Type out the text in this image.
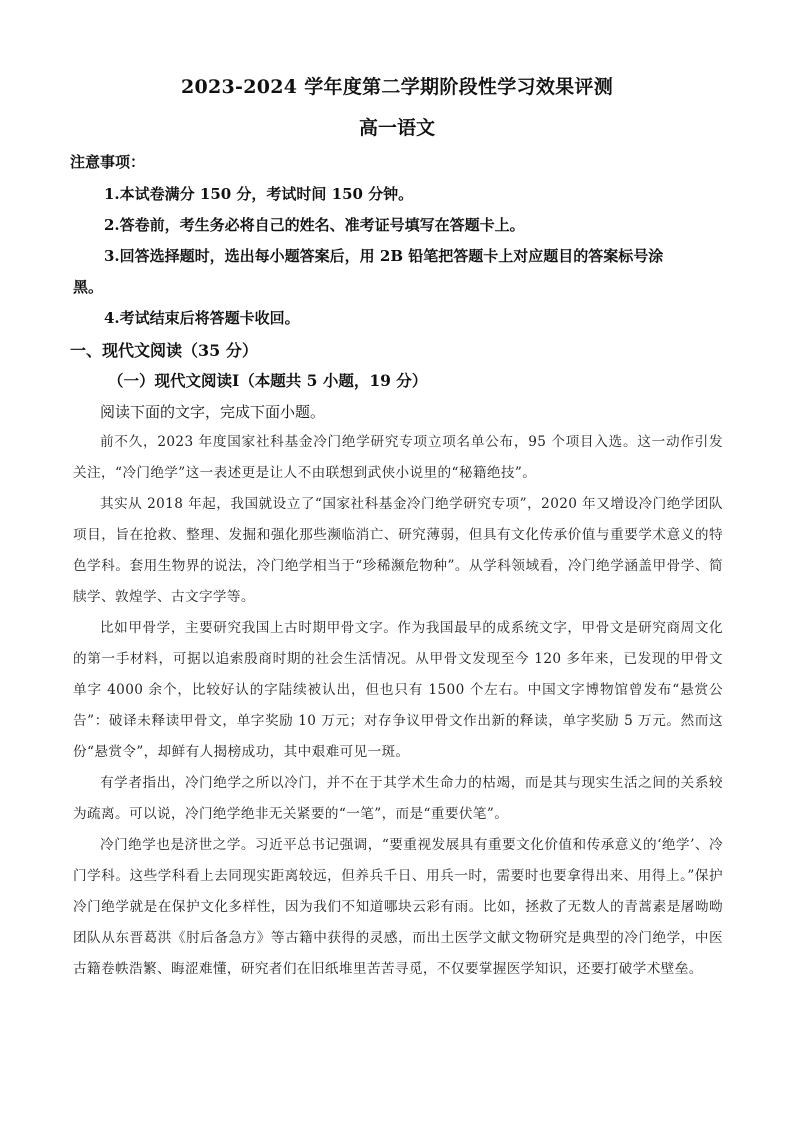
2023-2024 学年度第二学期阶段性学习效果评测
高一语文
注意事项：
1.本试卷满分 150 分，考试时间 150 分钟。
2.答卷前，考生务必将自己的姓名、准考证号填写在答题卡上。
3.回答选择题时，选出每小题答案后，用 2B 铅笔把答题卡上对应题目的答案标号涂
黑。
4.考试结束后将答题卡收回。
一、现代文阅读（35 分）
（一）现代文阅读Ⅰ（本题共 5 小题，19 分）
阅读下面的文字，完成下面小题。
前不久，2023 年度国家社科基金冷门绝学研究专项立项名单公布，95 个项目入选。这一动作引发关注，“冷门绝学”这一表述更是让人不由联想到武侠小说里的“秘籍绝技”。
其实从 2018 年起，我国就设立了“国家社科基金冷门绝学研究专项”，2020 年又增设冷门绝学团队项目，旨在抢救、整理、发掘和强化那些濒临消亡、研究薄弱，但具有文化传承价值与重要学术意义的特色学科。套用生物界的说法，冷门绝学相当于“珍稀濒危物种”。从学科领域看，冷门绝学涵盖甲骨学、简牍学、敦煌学、古文字学等。
比如甲骨学，主要研究我国上古时期甲骨文字。作为我国最早的成系统文字，甲骨文是研究商周文化的第一手材料，可据以追索殷商时期的社会生活情况。从甲骨文发现至今 120 多年来，已发现的甲骨文单字 4000 余个，比较好认的字陆续被认出，但也只有 1500 个左右。中国文字博物馆曾发布“悬赏公告”：破译未释读甲骨文，单字奖励 10 万元；对存争议甲骨文作出新的释读，单字奖励 5 万元。然而这份“悬赏令”，却鲜有人揭榜成功，其中艰难可见一斑。
有学者指出，冷门绝学之所以冷门，并不在于其学术生命力的枯竭，而是其与现实生活之间的关系较为疏离。可以说，冷门绝学绝非无关紧要的“一笔”，而是“重要伏笔”。
冷门绝学也是济世之学。习近平总书记强调，“要重视发展具有重要文化价值和传承意义的‘绝学’、冷门学科。这些学科看上去同现实距离较远，但养兵千日、用兵一时，需要时也要拿得出来、用得上。”保护冷门绝学就是在保护文化多样性，因为我们不知道哪块云彩有雨。比如，拯救了无数人的青蒿素是屠呦呦团队从东晋葛洪《肘后备急方》等古籍中获得的灵感，而出土医学文献文物研究是典型的冷门绝学，中医古籍卷帙浩繁、晦涩难懂，研究者们在旧纸堆里苦苦寻觅，不仅要掌握医学知识，还要打破学术壁垒。
